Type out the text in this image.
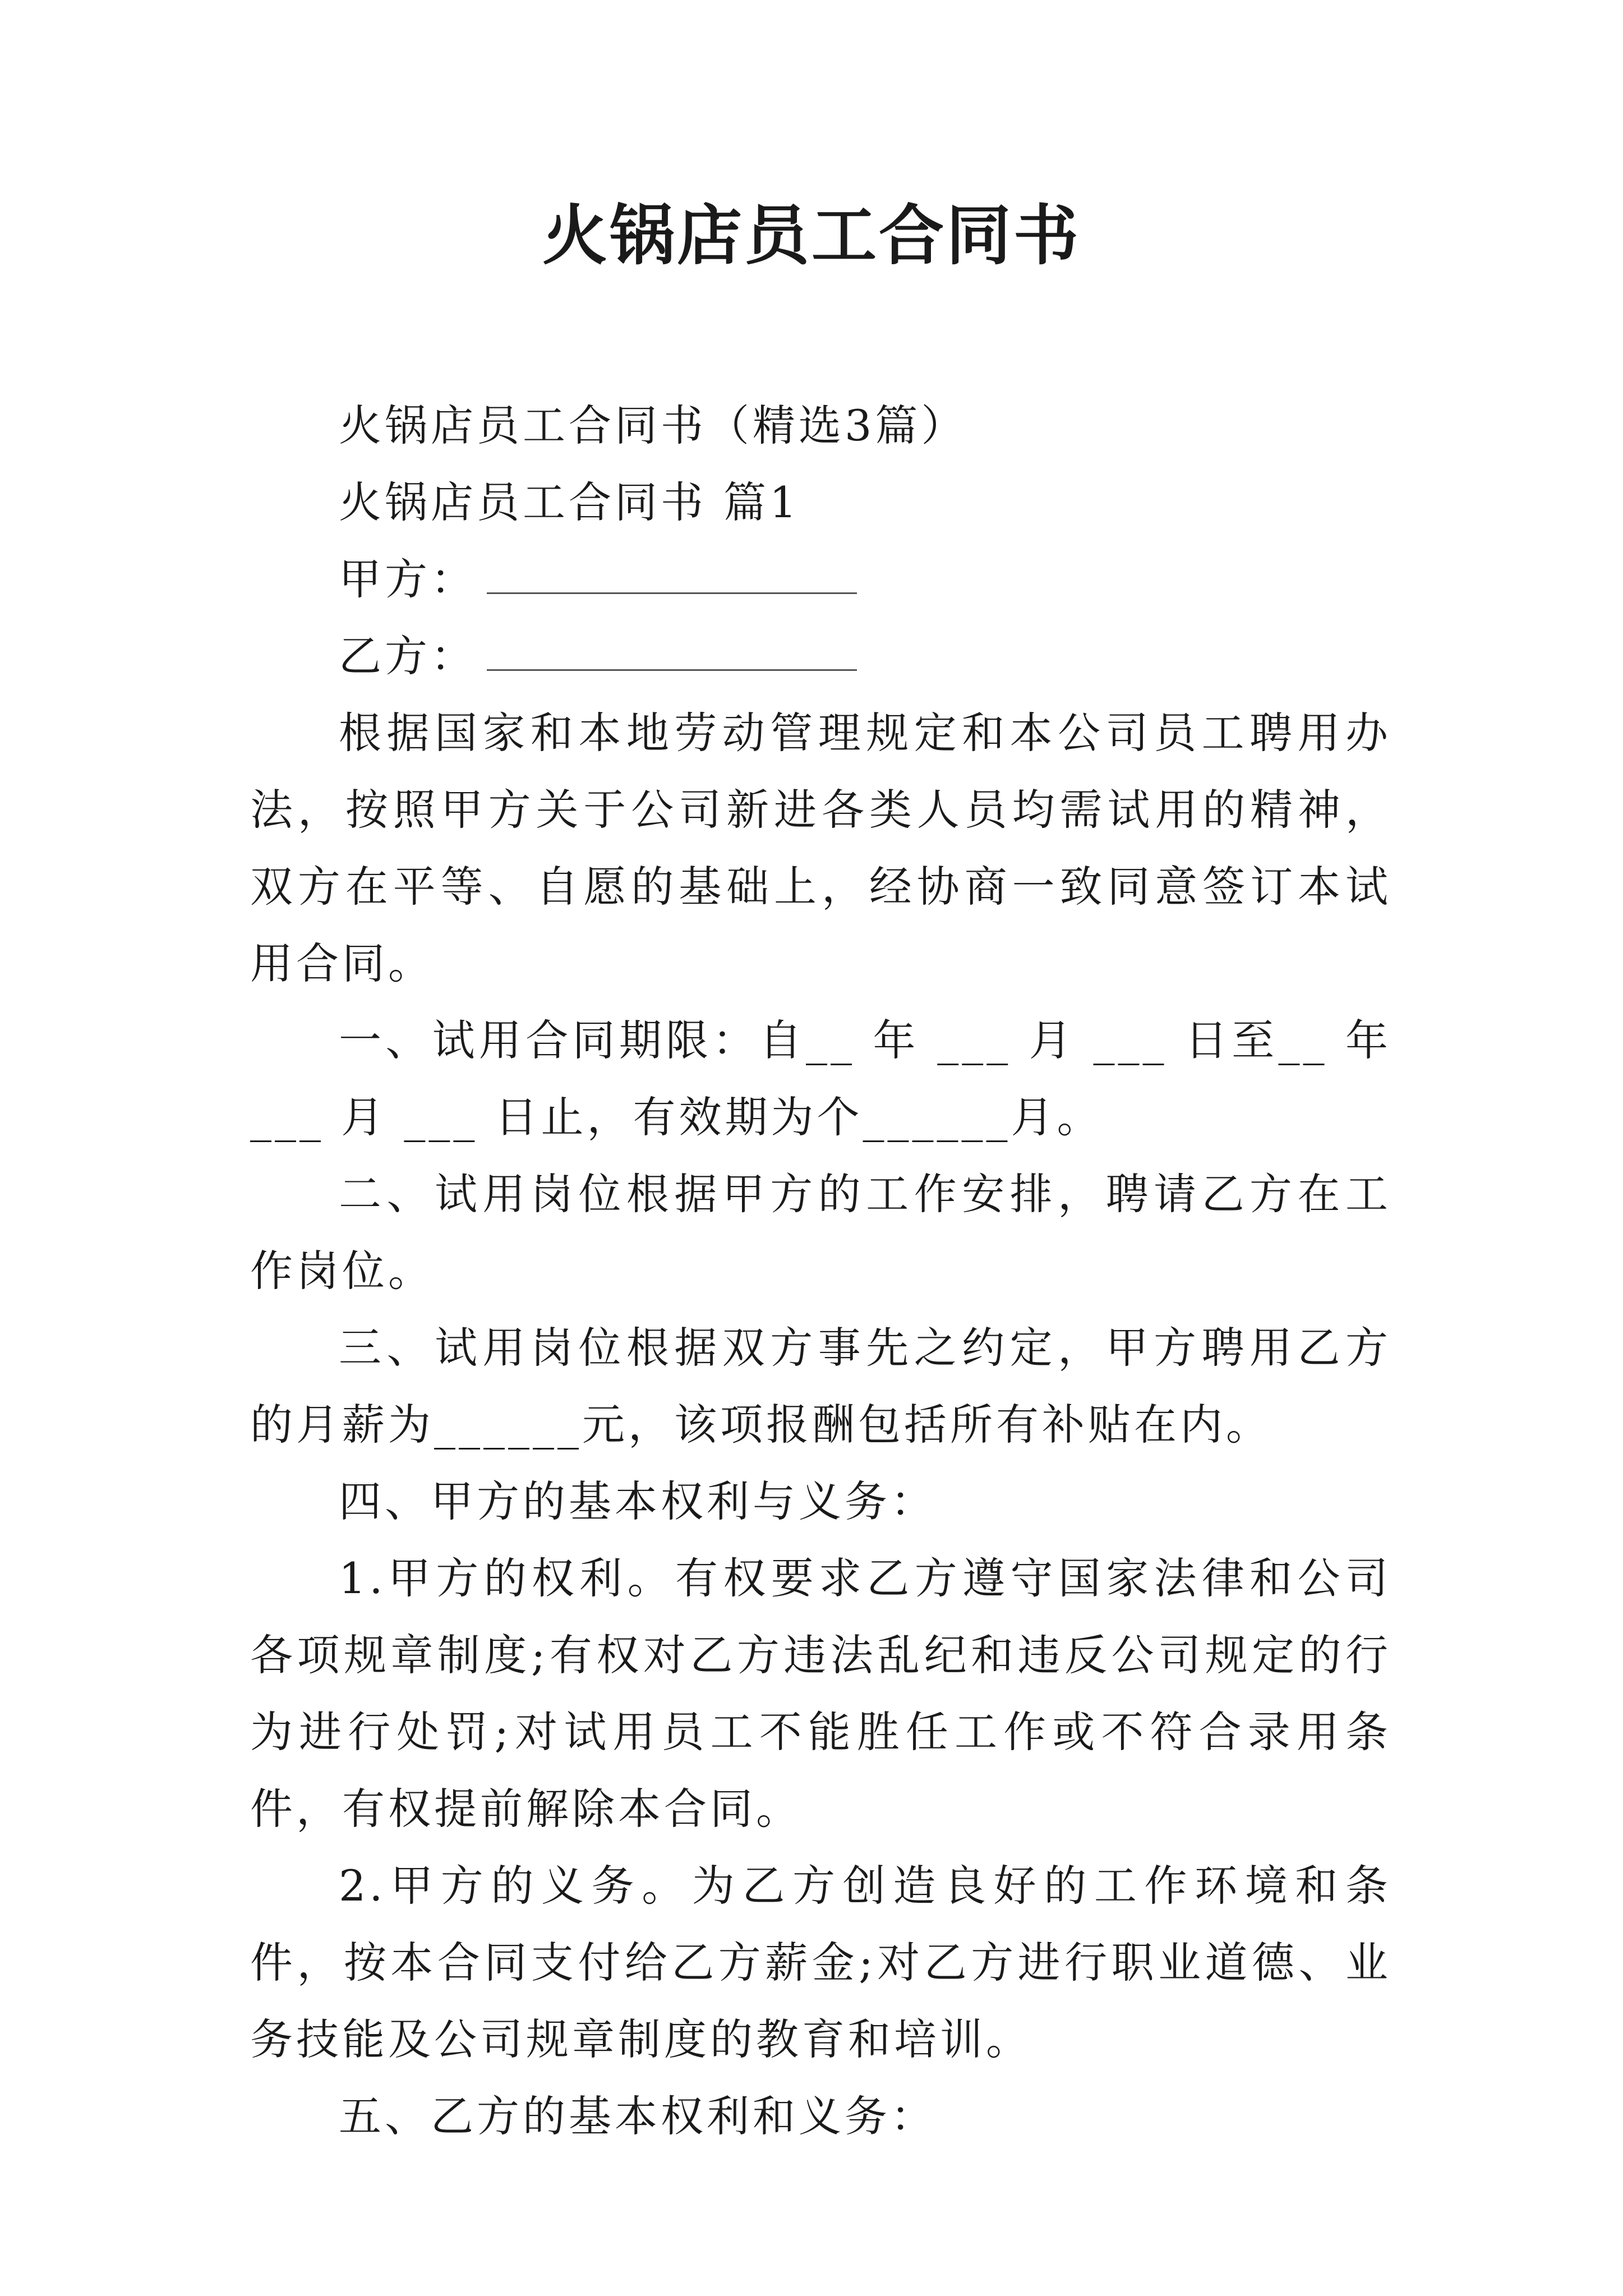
火锅店员工合同书

火锅店员工合同书（精选3篇）

火锅店员工合同书 篇1

甲方：

乙方：

根据国家和本地劳动管理规定和本公司员工聘用办法，按照甲方关于公司新进各类人员均需试用的精神，双方在平等、自愿的基础上，经协商一致同意签订本试用合同。

一、试用合同期限：自__ 年 ___ 月 ___ 日至__ 年 ___ 月 ___ 日止，有效期为个______月。

二、试用岗位根据甲方的工作安排，聘请乙方在工作岗位。

三、试用岗位根据双方事先之约定，甲方聘用乙方的月薪为______元，该项报酬包括所有补贴在内。

四、甲方的基本权利与义务：

1.甲方的权利。有权要求乙方遵守国家法律和公司各项规章制度;有权对乙方违法乱纪和违反公司规定的行为进行处罚;对试用员工不能胜任工作或不符合录用条件，有权提前解除本合同。

2.甲方的义务。为乙方创造良好的工作环境和条件，按本合同支付给乙方薪金;对乙方进行职业道德、业务技能及公司规章制度的教育和培训。

五、乙方的基本权利和义务：
